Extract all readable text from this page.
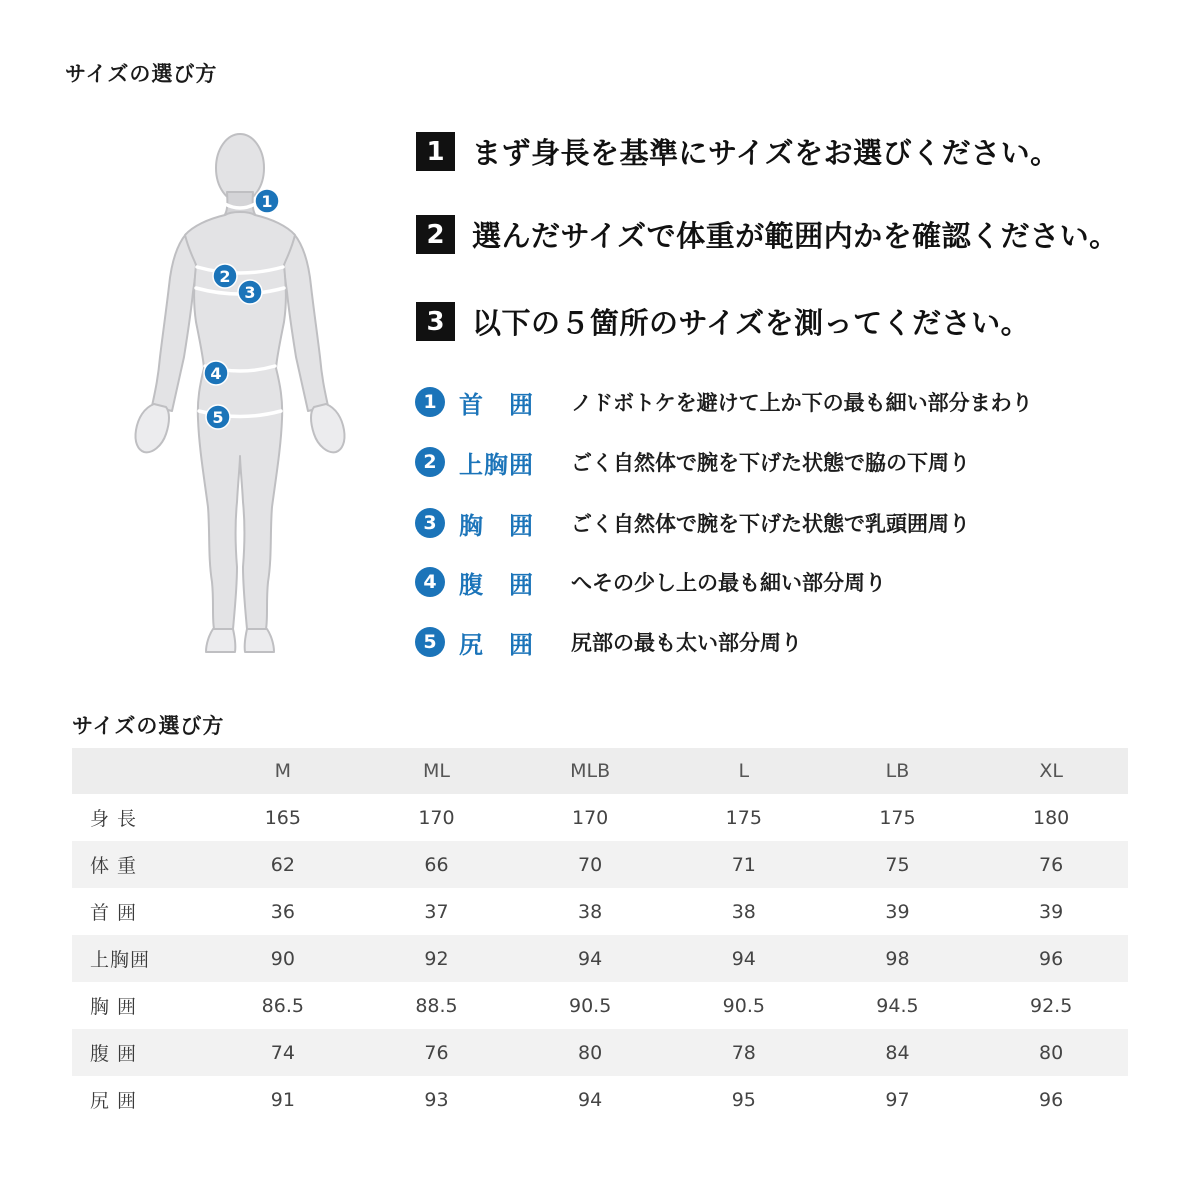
サイズの選び方
1
2
3
4
5
1 まず身長を基準にサイズをお選びください。
2 選んだサイズで体重が範囲内かを確認ください。
3 以下の５箇所のサイズを測ってください。
1 首　囲	ノドボトケを避けて上か下の最も細い部分まわり
2 上胸囲	ごく自然体で腕を下げた状態で脇の下周り
3 胸　囲	ごく自然体で腕を下げた状態で乳頭囲周り
4 腹　囲	へその少し上の最も細い部分周り
5 尻　囲	尻部の最も太い部分周り
サイズの選び方
	M	ML	MLB	L	LB	XL
身 長	165	170	170	175	175	180
体 重	62	66	70	71	75	76
首 囲	36	37	38	38	39	39
上胸囲	90	92	94	94	98	96
胸 囲	86.5	88.5	90.5	90.5	94.5	92.5
腹 囲	74	76	80	78	84	80
尻 囲	91	93	94	95	97	96
